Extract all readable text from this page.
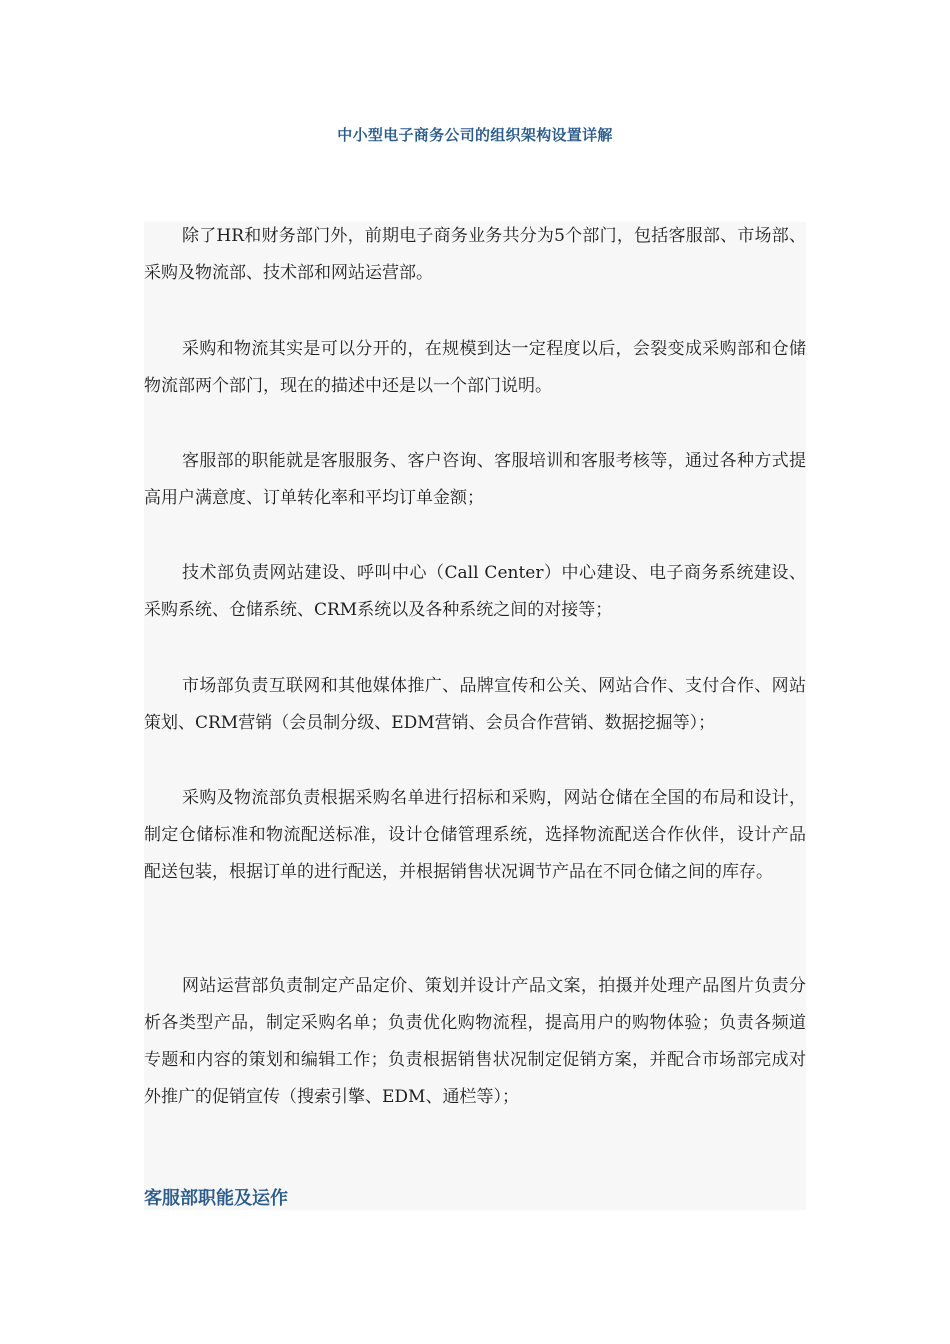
中小型电子商务公司的组织架构设置详解

除了HR和财务部门外，前期电子商务业务共分为5个部门，包括客服部、市场部、采购及物流部、技术部和网站运营部。

采购和物流其实是可以分开的，在规模到达一定程度以后，会裂变成采购部和仓储物流部两个部门，现在的描述中还是以一个部门说明。

客服部的职能就是客服服务、客户咨询、客服培训和客服考核等，通过各种方式提高用户满意度、订单转化率和平均订单金额；

技术部负责网站建设、呼叫中心（Call Center）中心建设、电子商务系统建设、采购系统、仓储系统、CRM系统以及各种系统之间的对接等；

市场部负责互联网和其他媒体推广、品牌宣传和公关、网站合作、支付合作、网站策划、CRM营销（会员制分级、EDM营销、会员合作营销、数据挖掘等）；

采购及物流部负责根据采购名单进行招标和采购，网站仓储在全国的布局和设计，制定仓储标准和物流配送标准，设计仓储管理系统，选择物流配送合作伙伴，设计产品配送包装，根据订单的进行配送，并根据销售状况调节产品在不同仓储之间的库存。

网站运营部负责制定产品定价、策划并设计产品文案，拍摄并处理产品图片负责分析各类型产品，制定采购名单；负责优化购物流程，提高用户的购物体验；负责各频道专题和内容的策划和编辑工作；负责根据销售状况制定促销方案，并配合市场部完成对外推广的促销宣传（搜索引擎、EDM、通栏等）；

客服部职能及运作
